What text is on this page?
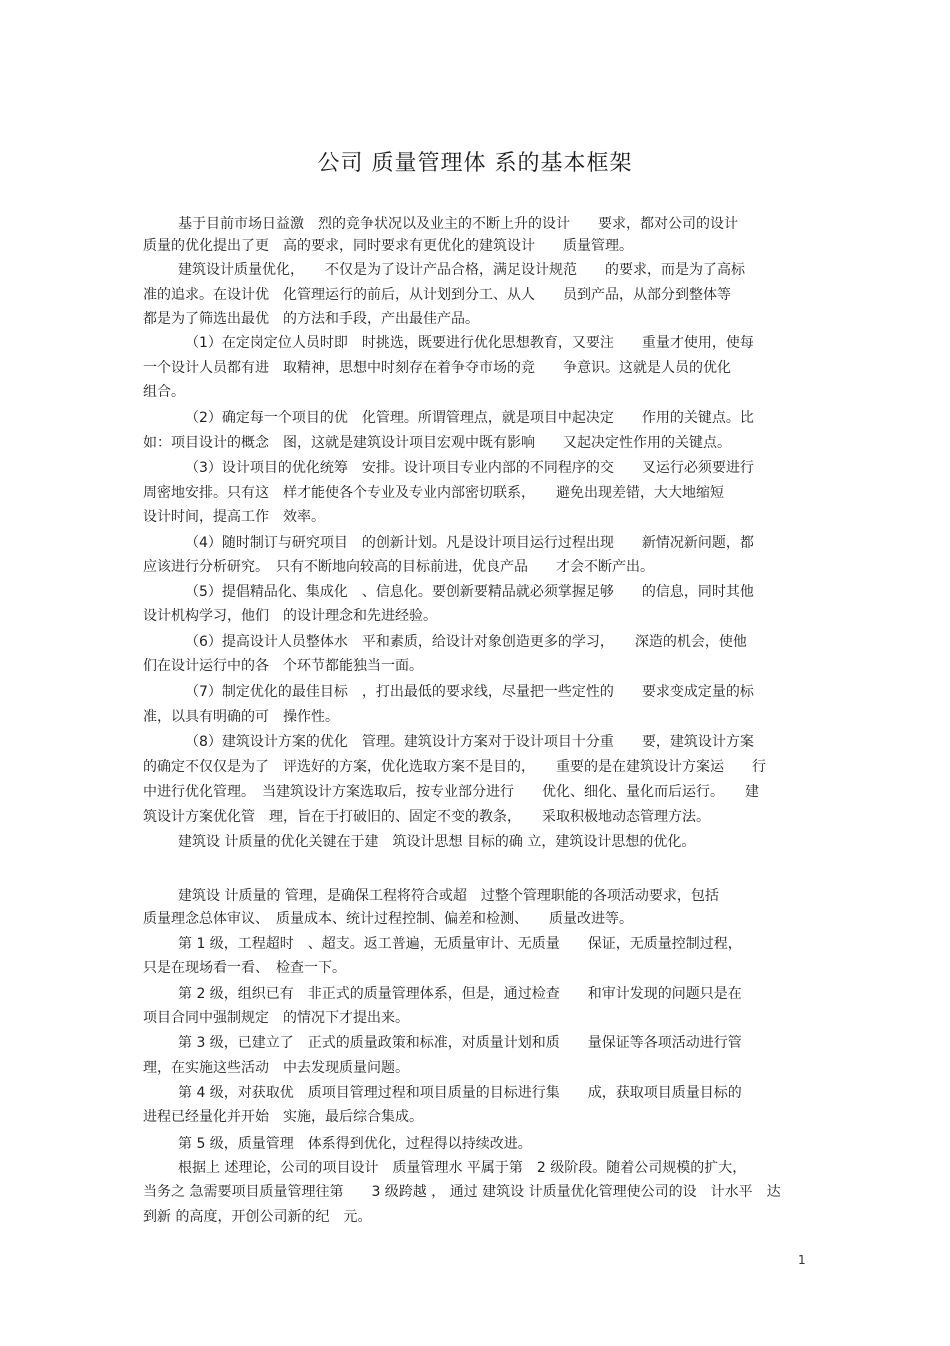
公司 质量管理体 系的基本框架
基于目前市场日益激　烈的竞争状况以及业主的不断上升的设计　　要求，都对公司的设计
质量的优化提出了更　高的要求，同时要求有更优化的建筑设计　　质量管理。
建筑设计质量优化，　　不仅是为了设计产品合格，满足设计规范　　的要求，而是为了高标
准的追求。在设计优　化管理运行的前后，从计划到分工、从人　　员到产品，从部分到整体等
都是为了筛选出最优　的方法和手段，产出最佳产品。
（1）在定岗定位人员时即　时挑选，既要进行优化思想教育，又要注　　重量才使用，使每
一个设计人员都有进　取精神，思想中时刻存在着争夺市场的竞　　争意识。这就是人员的优化
组合。
（2）确定每一个项目的优　化管理。所谓管理点，就是项目中起决定　　作用的关键点。比
如：项目设计的概念　图，这就是建筑设计项目宏观中既有影响　　又起决定性作用的关键点。
（3）设计项目的优化统筹　安排。设计项目专业内部的不同程序的交　　叉运行必须要进行
周密地安排。只有这　样才能使各个专业及专业内部密切联系，　　避免出现差错，大大地缩短
设计时间，提高工作　效率。
（4）随时制订与研究项目　的创新计划。凡是设计项目运行过程出现　　新情况新问题，都
应该进行分析研究。　只有不断地向较高的目标前进，优良产品　　才会不断产出。
（5）提倡精品化、集成化　、信息化。要创新要精品就必须掌握足够　　的信息，同时其他
设计机构学习，他们　的设计理念和先进经验。
（6）提高设计人员整体水　平和素质，给设计对象创造更多的学习，　　深造的机会，使他
们在设计运行中的各　个环节都能独当一面。
（7）制定优化的最佳目标　，打出最低的要求线，尽量把一些定性的　　要求变成定量的标
准，以具有明确的可　操作性。
（8）建筑设计方案的优化　管理。建筑设计方案对于设计项目十分重　　要，建筑设计方案
的确定不仅仅是为了　评选好的方案，优化选取方案不是目的，　　重要的是在建筑设计方案运　　行
中进行优化管理。　当建筑设计方案选取后，按专业部分进行　　优化、细化、量化而后运行。　　建
筑设计方案优化管　理，旨在于打破旧的、固定不变的教条，　　采取积极地动态管理方法。
建筑设 计质量的优化关键在于建　筑设计思想 目标的确 立，建筑设计思想的优化。
建筑设 计质量的 管理，是确保工程将符合或超　过整个管理职能的各项活动要求，包括
质量理念总体审议、　质量成本、统计过程控制、偏差和检测、　　质量改进等。
第 1 级，工程超时　、超支。返工普遍，无质量审计、无质量　　保证，无质量控制过程，
只是在现场看一看、　检查一下。
第 2 级，组织已有　非正式的质量管理体系，但是，通过检查　　和审计发现的问题只是在
项目合同中强制规定　的情况下才提出来。
第 3 级，已建立了　正式的质量政策和标准，对质量计划和质　　量保证等各项活动进行管
理，在实施这些活动　中去发现质量问题。
第 4 级，对获取优　质项目管理过程和项目质量的目标进行集　　成，获取项目质量目标的
进程已经量化并开始　实施，最后综合集成。
第 5 级，质量管理　体系得到优化，过程得以持续改进。
根据上 述理论，公司的项目设计　质量管理水 平属于第　2 级阶段。随着公司规模的扩大，
当务之 急需要项目质量管理往第　　3 级跨越 ， 通过 建筑设 计质量优化管理使公司的设　计水平　达
到新 的高度，开创公司新的纪　元。
1
